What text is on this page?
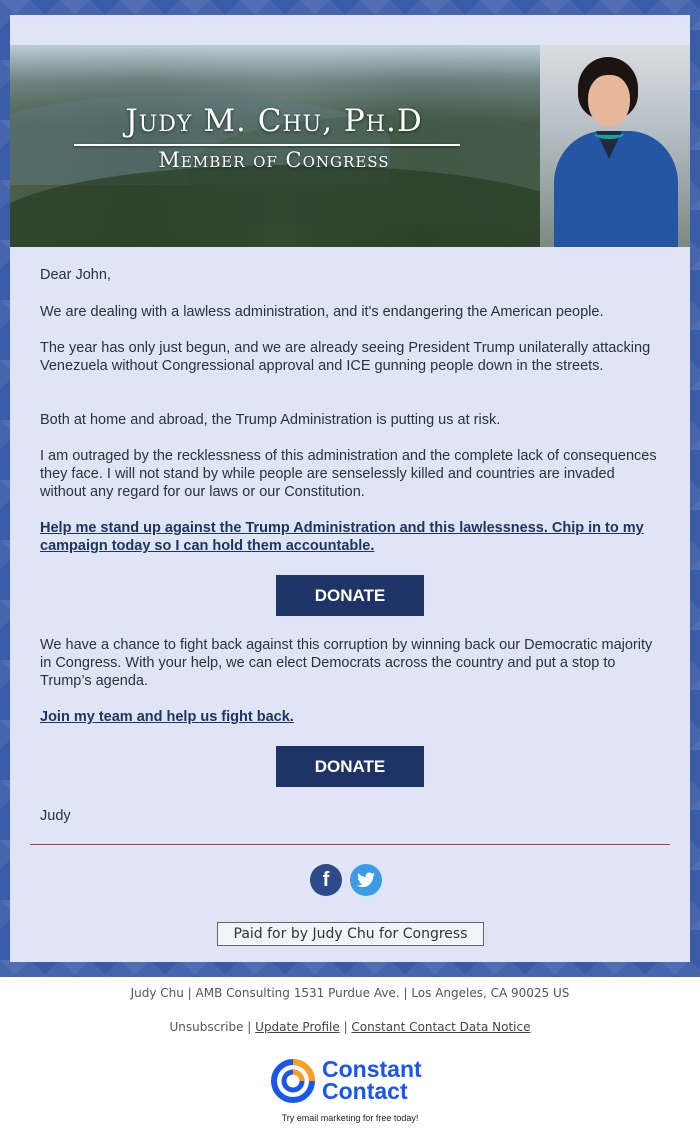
Judy M. Chu, Ph.D
Member of Congress
Dear John,
We are dealing with a lawless administration, and it's endangering the American people.
The year has only just begun, and we are already seeing President Trump unilaterally attacking Venezuela without Congressional approval and ICE gunning people down in the streets.
Both at home and abroad, the Trump Administration is putting us at risk.
I am outraged by the recklessness of this administration and the complete lack of consequences they face. I will not stand by while people are senselessly killed and countries are invaded without any regard for our laws or our Constitution.
Help me stand up against the Trump Administration and this lawlessness. Chip in to my campaign today so I can hold them accountable.
DONATE
We have a chance to fight back against this corruption by winning back our Democratic majority in Congress. With your help, we can elect Democrats across the country and put a stop to Trump’s agenda.
Join my team and help us fight back.
DONATE
Judy
f
Paid for by Judy Chu for Congress
Judy Chu | AMB Consulting 1531 Purdue Ave. | Los Angeles, CA 90025 US
Unsubscribe | Update Profile | Constant Contact Data Notice
Constant
Contact
Try email marketing for free today!
